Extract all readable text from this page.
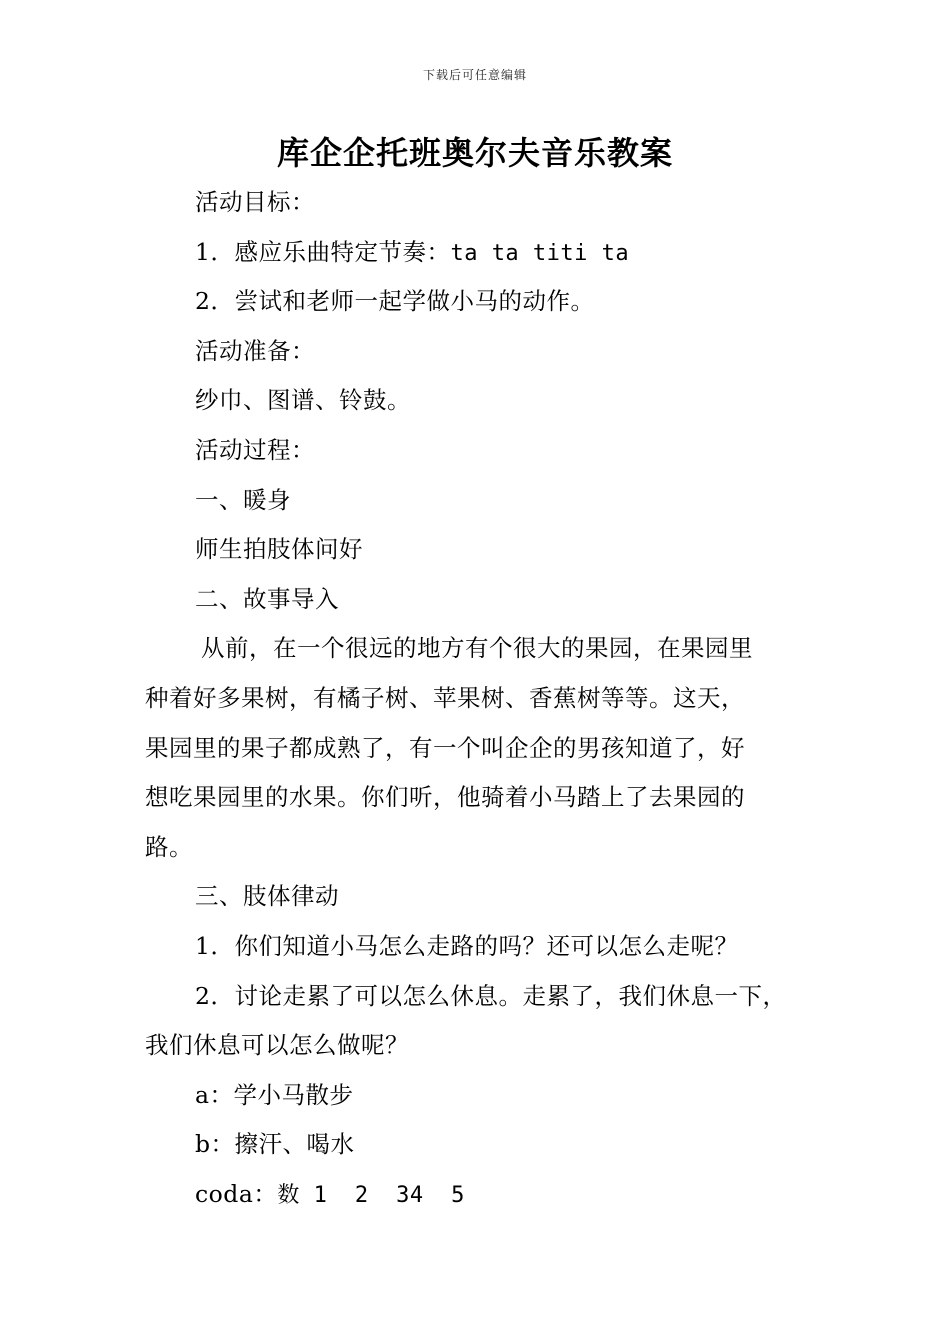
下载后可任意编辑
库企企托班奥尔夫音乐教案
活动目标：
1．感应乐曲特定节奏：ta ta titi ta
2．尝试和老师一起学做小马的动作。
活动准备：
纱巾、图谱、铃鼓。
活动过程：
一、暖身
师生拍肢体问好
二、故事导入
从前，在一个很远的地方有个很大的果园，在果园里
种着好多果树，有橘子树、苹果树、香蕉树等等。这天，
果园里的果子都成熟了，有一个叫企企的男孩知道了，好
想吃果园里的水果。你们听，他骑着小马踏上了去果园的
路。
三、肢体律动
1．你们知道小马怎么走路的吗？还可以怎么走呢？
2．讨论走累了可以怎么休息。走累了，我们休息一下，
我们休息可以怎么做呢？
a：学小马散步
b：擦汗、喝水
coda：数 1  2  34  5
